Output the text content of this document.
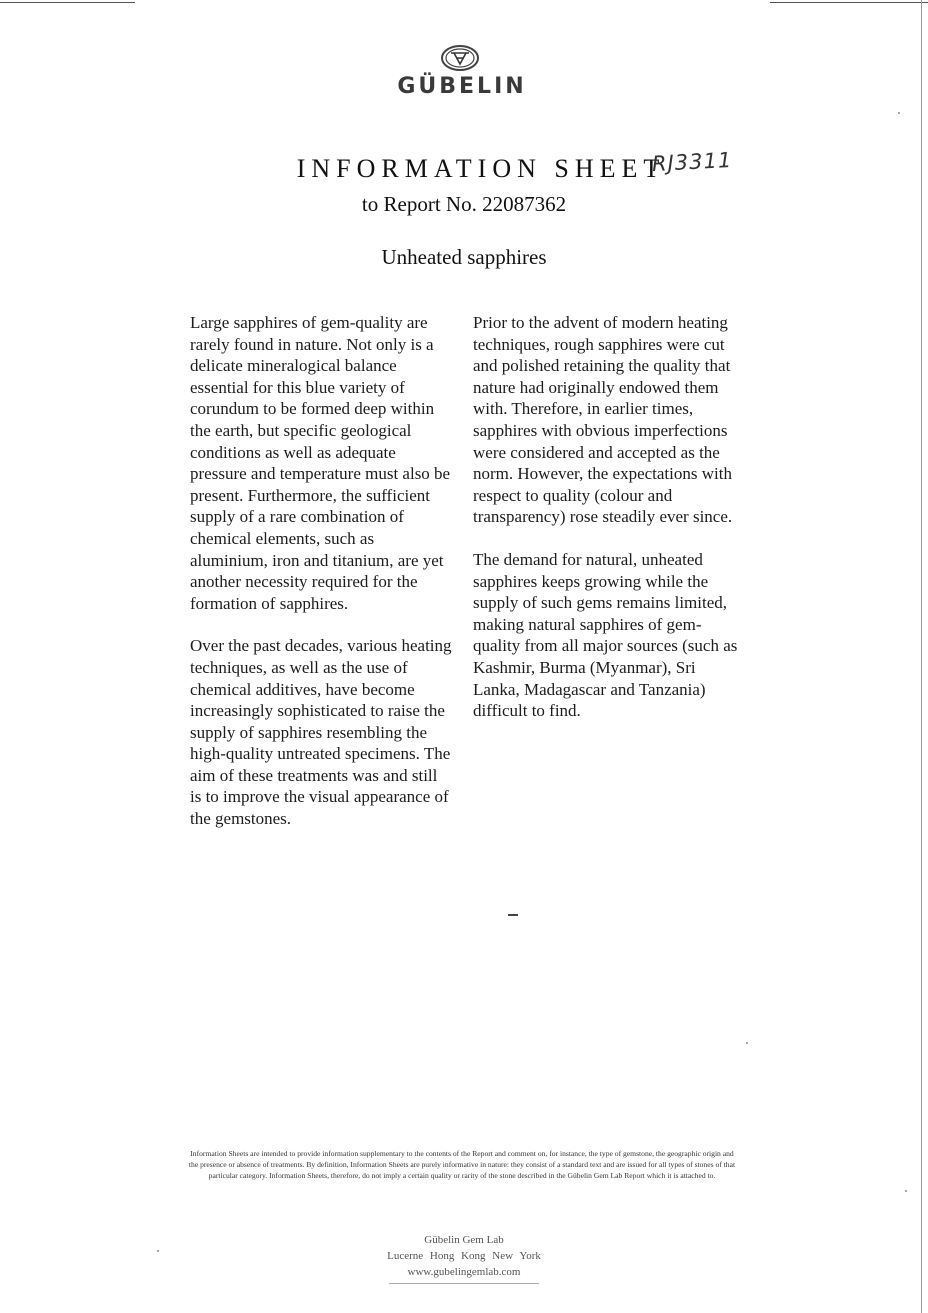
GÜBELIN
INFORMATION SHEET
RJ3311
to Report No. 22087362
Unheated sapphires

Large sapphires of gem-quality are rarely found in nature. Not only is a delicate mineralogical balance essential for this blue variety of corundum to be formed deep within the earth, but specific geological conditions as well as adequate pressure and temperature must also be present. Furthermore, the sufficient supply of a rare combination of chemical elements, such as aluminium, iron and titanium, are yet another necessity required for the formation of sapphires.

Over the past decades, various heating techniques, as well as the use of chemical additives, have become increasingly sophisticated to raise the supply of sapphires resembling the high-quality untreated specimens. The aim of these treatments was and still is to improve the visual appearance of the gemstones.

Prior to the advent of modern heating techniques, rough sapphires were cut and polished retaining the quality that nature had originally endowed them with. Therefore, in earlier times, sapphires with obvious imperfections were considered and accepted as the norm. However, the expectations with respect to quality (colour and transparency) rose steadily ever since.

The demand for natural, unheated sapphires keeps growing while the supply of such gems remains limited, making natural sapphires of gem-quality from all major sources (such as Kashmir, Burma (Myanmar), Sri Lanka, Madagascar and Tanzania) difficult to find.

Information Sheets are intended to provide information supplementary to the contents of the Report and comment on, for instance, the type of gemstone, the geographic origin and the presence or absence of treatments. By definition, Information Sheets are purely informative in nature: they consist of a standard text and are issued for all types of stones of that particular category. Information Sheets, therefore, do not imply a certain quality or rarity of the stone described in the Gübelin Gem Lab Report which it is attached to.
Gübelin Gem Lab
Lucerne Hong Kong New York
www.gubelingemlab.com
